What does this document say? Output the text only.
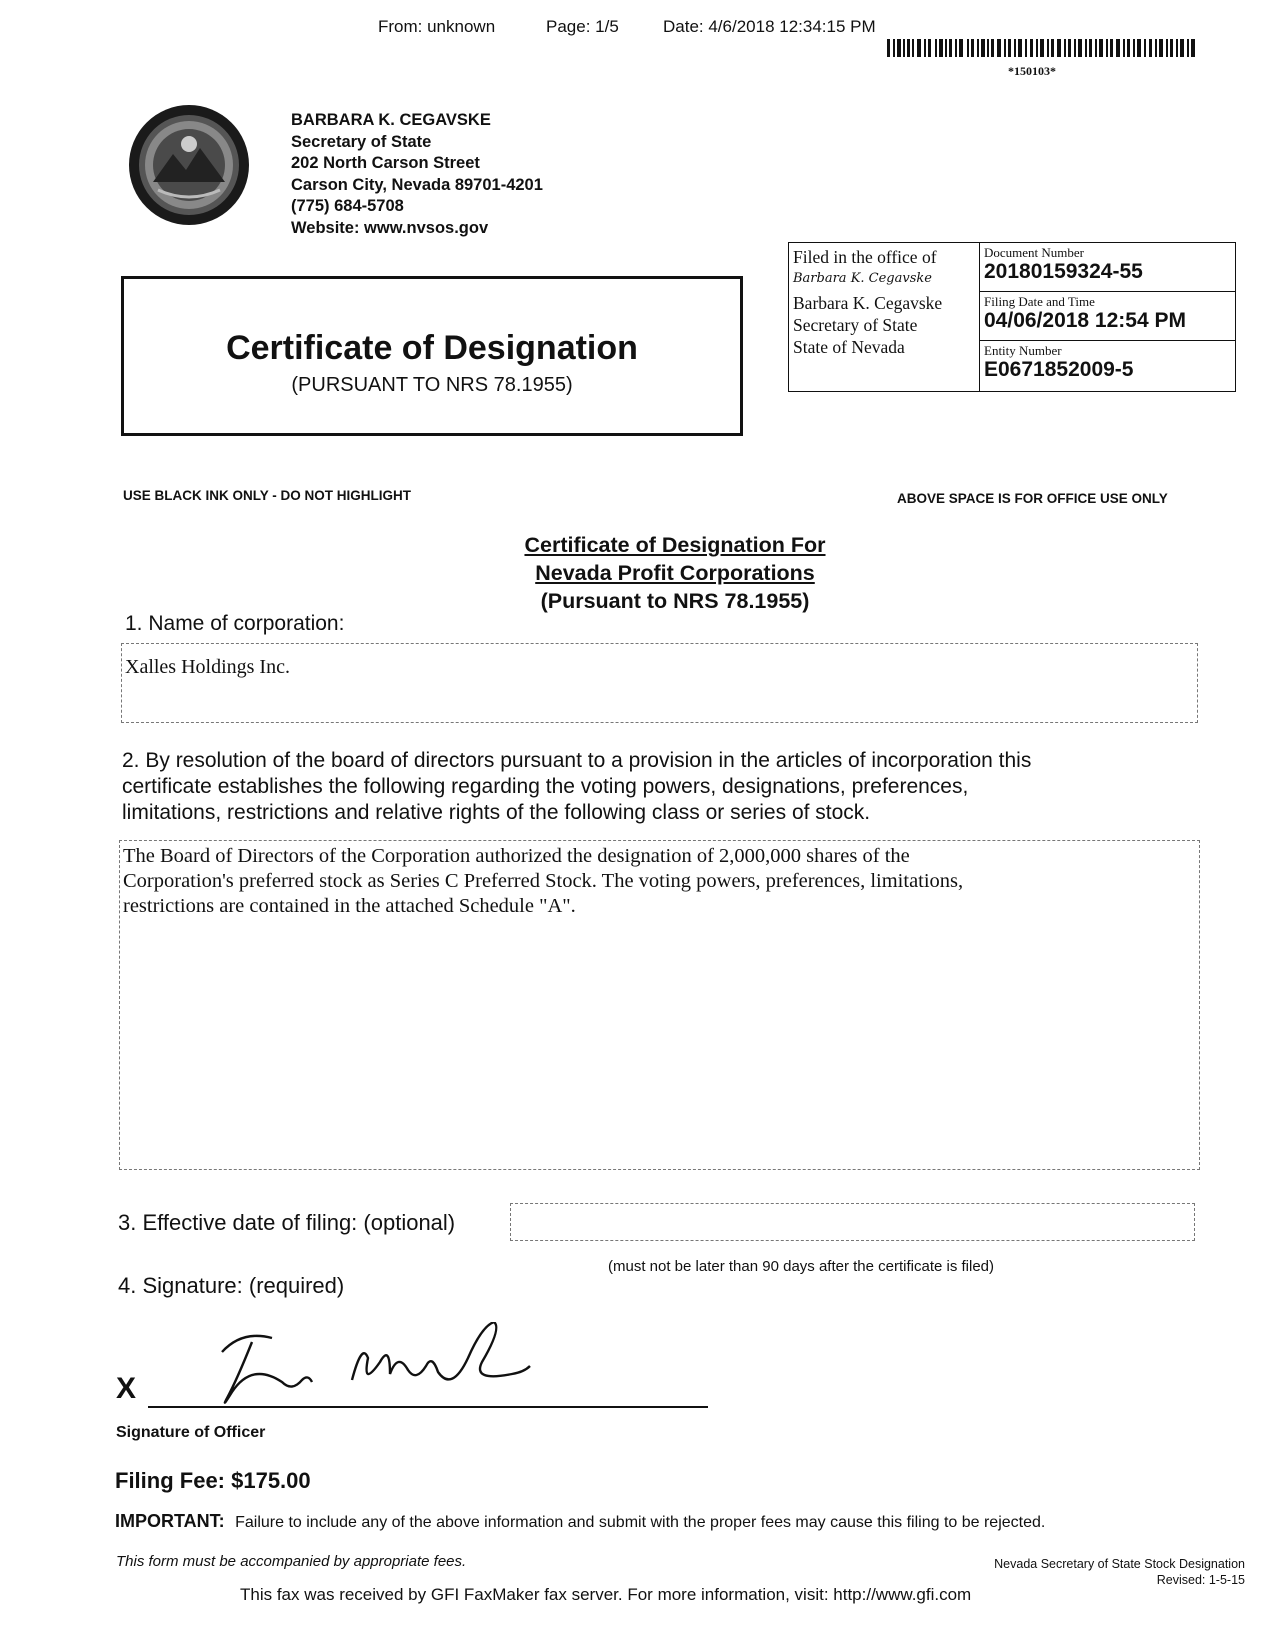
From: unknown	Page: 1/5	Date: 4/6/2018 12:34:15 PM
*150103*
BARBARA K. CEGAVSKE
Secretary of State
202 North Carson Street
Carson City, Nevada 89701-4201
(775) 684-5708
Website: www.nvsos.gov
Certificate of Designation
(PURSUANT TO NRS 78.1955)
Filed in the office of
Barbara K. Cegavske
Barbara K. Cegavske
Secretary of State
State of Nevada
Document Number
20180159324-55
Filing Date and Time
04/06/2018 12:54 PM
Entity Number
E0671852009-5
USE BLACK INK ONLY - DO NOT HIGHLIGHT	ABOVE SPACE IS FOR OFFICE USE ONLY
Certificate of Designation For
Nevada Profit Corporations
(Pursuant to NRS 78.1955)
1. Name of corporation:
Xalles Holdings Inc.
2. By resolution of the board of directors pursuant to a provision in the articles of incorporation this
certificate establishes the following regarding the voting powers, designations, preferences,
limitations, restrictions and relative rights of the following class or series of stock.
The Board of Directors of the Corporation authorized the designation of 2,000,000 shares of the
Corporation's preferred stock as Series C Preferred Stock. The voting powers, preferences, limitations,
restrictions are contained in the attached Schedule "A".
3. Effective date of filing: (optional)
(must not be later than 90 days after the certificate is filed)
4. Signature: (required)
X
Signature of Officer
Filing Fee: $175.00
IMPORTANT: Failure to include any of the above information and submit with the proper fees may cause this filing to be rejected.
This form must be accompanied by appropriate fees.	Nevada Secretary of State Stock Designation
Revised: 1-5-15
This fax was received by GFI FaxMaker fax server. For more information, visit: http://www.gfi.com
